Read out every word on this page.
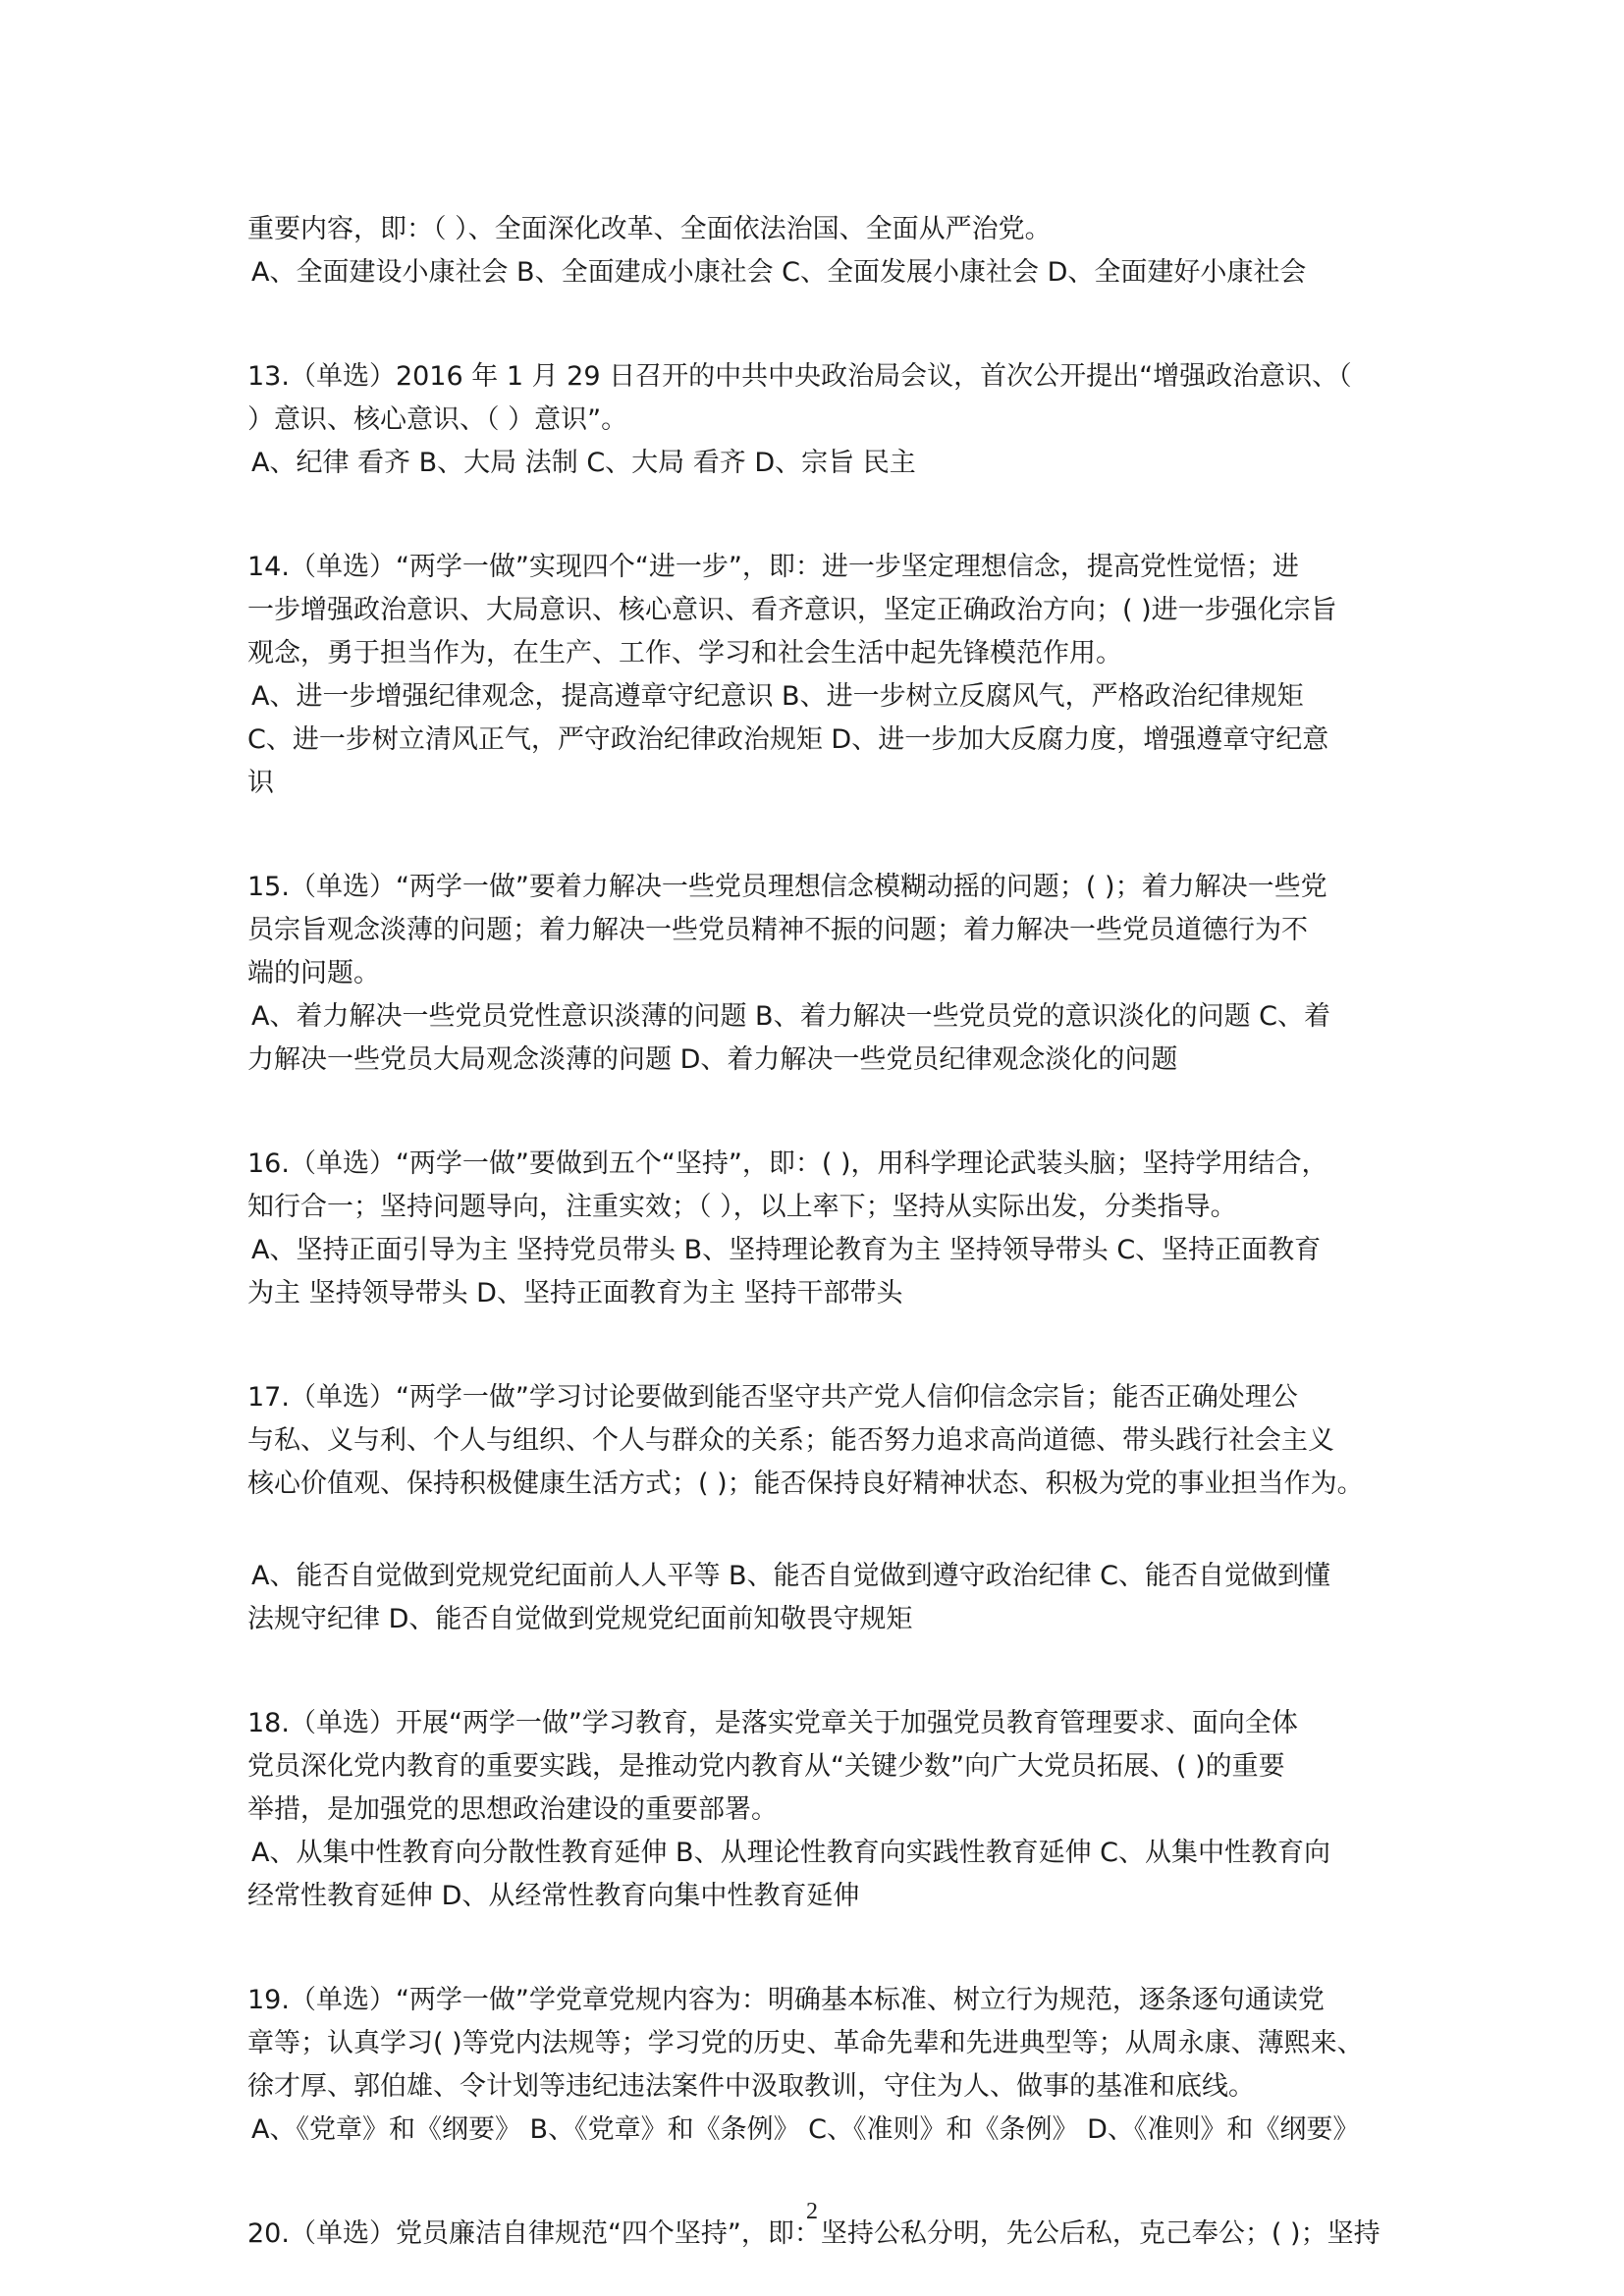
重要内容，即：（ ）、全面深化改革、全面依法治国、全面从严治党。
A、全面建设小康社会 B、全面建成小康社会 C、全面发展小康社会 D、全面建好小康社会
13.（单选）2016 年 1 月 29 日召开的中共中央政治局会议，首次公开提出“增强政治意识、（
）意识、核心意识、（ ）意识”。
A、纪律 看齐 B、大局 法制 C、大局 看齐 D、宗旨 民主
14.（单选）“两学一做”实现四个“进一步”，即：进一步坚定理想信念，提高党性觉悟；进
一步增强政治意识、大局意识、核心意识、看齐意识，坚定正确政治方向；( )进一步强化宗旨
观念，勇于担当作为，在生产、工作、学习和社会生活中起先锋模范作用。
A、进一步增强纪律观念，提高遵章守纪意识 B、进一步树立反腐风气，严格政治纪律规矩
C、进一步树立清风正气，严守政治纪律政治规矩 D、进一步加大反腐力度，增强遵章守纪意
识
15.（单选）“两学一做”要着力解决一些党员理想信念模糊动摇的问题；( )；着力解决一些党
员宗旨观念淡薄的问题；着力解决一些党员精神不振的问题；着力解决一些党员道德行为不
端的问题。
A、着力解决一些党员党性意识淡薄的问题 B、着力解决一些党员党的意识淡化的问题 C、着
力解决一些党员大局观念淡薄的问题 D、着力解决一些党员纪律观念淡化的问题
16.（单选）“两学一做”要做到五个“坚持”，即：( )，用科学理论武装头脑；坚持学用结合，
知行合一；坚持问题导向，注重实效；（ ），以上率下；坚持从实际出发，分类指导。
A、坚持正面引导为主 坚持党员带头 B、坚持理论教育为主 坚持领导带头 C、坚持正面教育
为主 坚持领导带头 D、坚持正面教育为主 坚持干部带头
17.（单选）“两学一做”学习讨论要做到能否坚守共产党人信仰信念宗旨；能否正确处理公
与私、义与利、个人与组织、个人与群众的关系；能否努力追求高尚道德、带头践行社会主义
核心价值观、保持积极健康生活方式；( )；能否保持良好精神状态、积极为党的事业担当作为。
A、能否自觉做到党规党纪面前人人平等 B、能否自觉做到遵守政治纪律 C、能否自觉做到懂
法规守纪律 D、能否自觉做到党规党纪面前知敬畏守规矩
18.（单选）开展“两学一做”学习教育，是落实党章关于加强党员教育管理要求、面向全体
党员深化党内教育的重要实践，是推动党内教育从“关键少数”向广大党员拓展、( )的重要
举措，是加强党的思想政治建设的重要部署。
A、从集中性教育向分散性教育延伸 B、从理论性教育向实践性教育延伸 C、从集中性教育向
经常性教育延伸 D、从经常性教育向集中性教育延伸
19.（单选）“两学一做”学党章党规内容为：明确基本标准、树立行为规范，逐条逐句通读党
章等；认真学习( )等党内法规等；学习党的历史、革命先辈和先进典型等；从周永康、薄熙来、
徐才厚、郭伯雄、令计划等违纪违法案件中汲取教训，守住为人、做事的基准和底线。
A、《党章》和《纲要》 B、《党章》和《条例》 C、《准则》和《条例》 D、《准则》和《纲要》
20.（单选）党员廉洁自律规范“四个坚持”，即：坚持公私分明，先公后私，克己奉公；( )；坚持
2
